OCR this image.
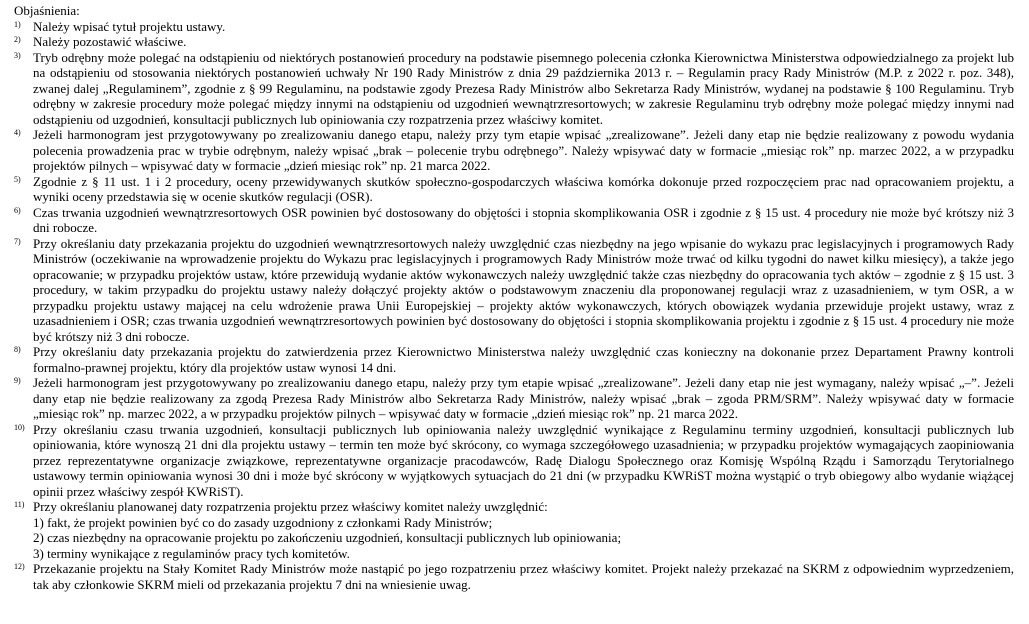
Objaśnienia:
1) Należy wpisać tytuł projektu ustawy.
2) Należy pozostawić właściwe.
3) Tryb odrębny może polegać na odstąpieniu od niektórych postanowień procedury na podstawie pisemnego polecenia członka Kierownictwa Ministerstwa odpowiedzialnego za projekt lub na odstąpieniu od stosowania niektórych postanowień uchwały Nr 190 Rady Ministrów z dnia 29 października 2013 r. – Regulamin pracy Rady Ministrów (M.P. z 2022 r. poz. 348), zwanej dalej „Regulaminem”, zgodnie z § 99 Regulaminu, na podstawie zgody Prezesa Rady Ministrów albo Sekretarza Rady Ministrów, wydanej na podstawie § 100 Regulaminu. Tryb odrębny w zakresie procedury może polegać między innymi na odstąpieniu od uzgodnień wewnątrzresortowych; w zakresie Regulaminu tryb odrębny może polegać między innymi nad odstąpieniu od uzgodnień, konsultacji publicznych lub opiniowania czy rozpatrzenia przez właściwy komitet.
4) Jeżeli harmonogram jest przygotowywany po zrealizowaniu danego etapu, należy przy tym etapie wpisać „zrealizowane”. Jeżeli dany etap nie będzie realizowany z powodu wydania polecenia prowadzenia prac w trybie odrębnym, należy wpisać „brak – polecenie trybu odrębnego”. Należy wpisywać daty w formacie „miesiąc rok” np. marzec 2022, a w przypadku projektów pilnych – wpisywać daty w formacie „dzień miesiąc rok” np. 21 marca 2022.
5) Zgodnie z § 11 ust. 1 i 2 procedury, oceny przewidywanych skutków społeczno-gospodarczych właściwa komórka dokonuje przed rozpoczęciem prac nad opracowaniem projektu, a wyniki oceny przedstawia się w ocenie skutków regulacji (OSR).
6) Czas trwania uzgodnień wewnątrzresortowych OSR powinien być dostosowany do objętości i stopnia skomplikowania OSR i zgodnie z § 15 ust. 4 procedury nie może być krótszy niż 3 dni robocze.
7) Przy określaniu daty przekazania projektu do uzgodnień wewnątrzresortowych należy uwzględnić czas niezbędny na jego wpisanie do wykazu prac legislacyjnych i programowych Rady Ministrów (oczekiwanie na wprowadzenie projektu do Wykazu prac legislacyjnych i programowych Rady Ministrów może trwać od kilku tygodni do nawet kilku miesięcy), a także jego opracowanie; w przypadku projektów ustaw, które przewidują wydanie aktów wykonawczych należy uwzględnić także czas niezbędny do opracowania tych aktów – zgodnie z § 15 ust. 3 procedury, w takim przypadku do projektu ustawy należy dołączyć projekty aktów o podstawowym znaczeniu dla proponowanej regulacji wraz z uzasadnieniem, w tym OSR, a w przypadku projektu ustawy mającej na celu wdrożenie prawa Unii Europejskiej – projekty aktów wykonawczych, których obowiązek wydania przewiduje projekt ustawy, wraz z uzasadnieniem i OSR; czas trwania uzgodnień wewnątrzresortowych powinien być dostosowany do objętości i stopnia skomplikowania projektu i zgodnie z § 15 ust. 4 procedury nie może być krótszy niż 3 dni robocze.
8) Przy określaniu daty przekazania projektu do zatwierdzenia przez Kierownictwo Ministerstwa należy uwzględnić czas konieczny na dokonanie przez Departament Prawny kontroli formalno-prawnej projektu, który dla projektów ustaw wynosi 14 dni.
9) Jeżeli harmonogram jest przygotowywany po zrealizowaniu danego etapu, należy przy tym etapie wpisać „zrealizowane”. Jeżeli dany etap nie jest wymagany, należy wpisać „–”. Jeżeli dany etap nie będzie realizowany za zgodą Prezesa Rady Ministrów albo Sekretarza Rady Ministrów, należy wpisać „brak – zgoda PRM/SRM”. Należy wpisywać daty w formacie „miesiąc rok” np. marzec 2022, a w przypadku projektów pilnych – wpisywać daty w formacie „dzień miesiąc rok” np. 21 marca 2022.
10) Przy określaniu czasu trwania uzgodnień, konsultacji publicznych lub opiniowania należy uwzględnić wynikające z Regulaminu terminy uzgodnień, konsultacji publicznych lub opiniowania, które wynoszą 21 dni dla projektu ustawy – termin ten może być skrócony, co wymaga szczegółowego uzasadnienia; w przypadku projektów wymagających zaopiniowania przez reprezentatywne organizacje związkowe, reprezentatywne organizacje pracodawców, Radę Dialogu Społecznego oraz Komisję Wspólną Rządu i Samorządu Terytorialnego ustawowy termin opiniowania wynosi 30 dni i może być skrócony w wyjątkowych sytuacjach do 21 dni (w przypadku KWRiST można wystąpić o tryb obiegowy albo wydanie wiążącej opinii przez właściwy zespół KWRiST).
11) Przy określaniu planowanej daty rozpatrzenia projektu przez właściwy komitet należy uwzględnić:
1) fakt, że projekt powinien być co do zasady uzgodniony z członkami Rady Ministrów;
2) czas niezbędny na opracowanie projektu po zakończeniu uzgodnień, konsultacji publicznych lub opiniowania;
3) terminy wynikające z regulaminów pracy tych komitetów.
12) Przekazanie projektu na Stały Komitet Rady Ministrów może nastąpić po jego rozpatrzeniu przez właściwy komitet. Projekt należy przekazać na SKRM z odpowiednim wyprzedzeniem, tak aby członkowie SKRM mieli od przekazania projektu 7 dni na wniesienie uwag.
